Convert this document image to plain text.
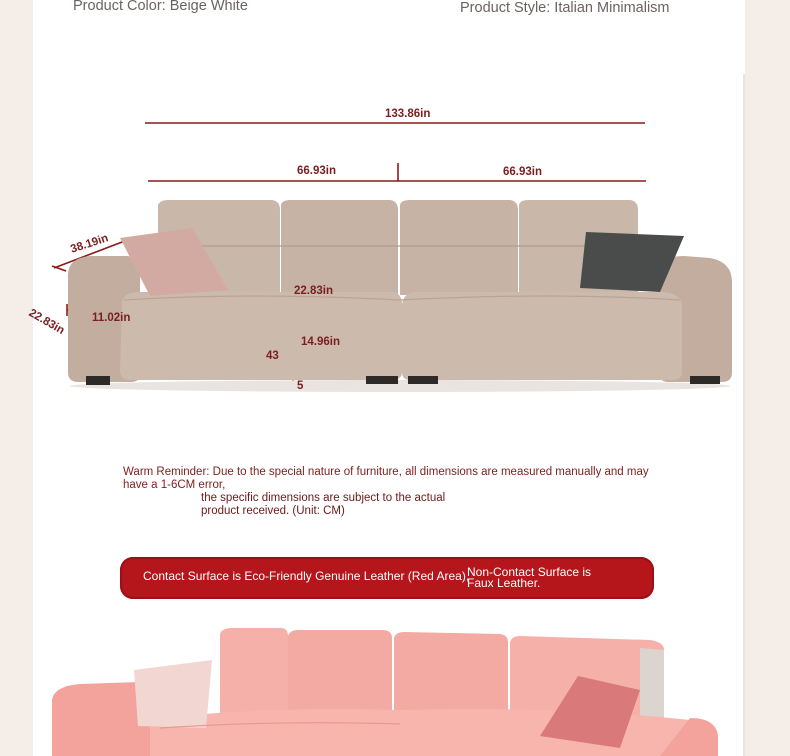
Product Color: Beige White	Product Style: Italian Minimalism
133.86in
66.93in	66.93in
38.19in
22.83in
11.02in
22.83in
14.96in
43
5
Warm Reminder: Due to the special nature of furniture, all dimensions are measured manually and may have a 1-6CM error,
the specific dimensions are subject to the actual
product received. (Unit: CM)
Contact Surface is Eco-Friendly Genuine Leather (Red Area),
Non-Contact Surface is Faux Leather.
